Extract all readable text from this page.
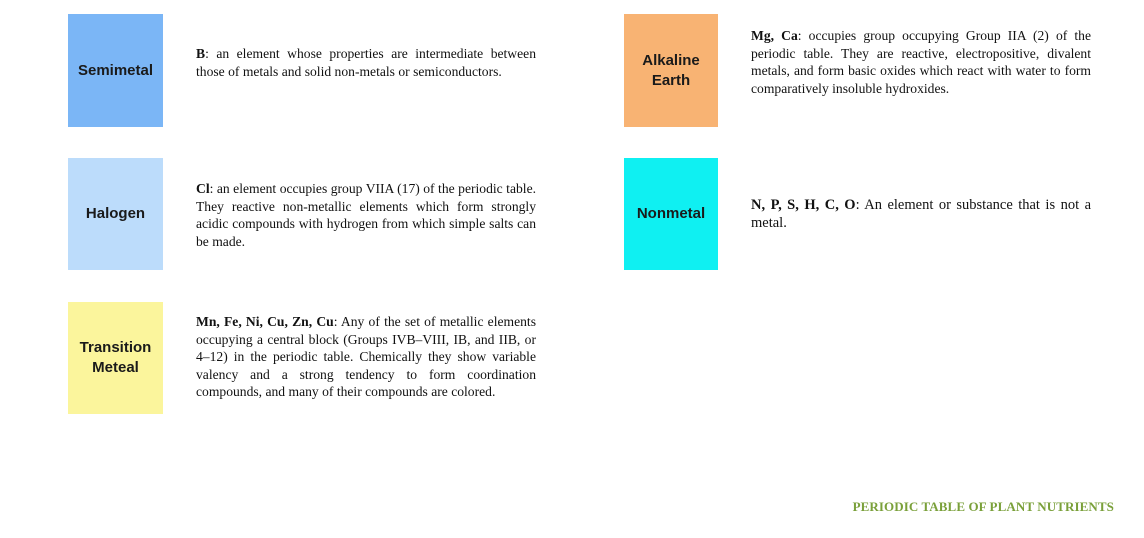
Semimetal
B: an element whose properties are intermediate between those of metals and solid non-metals or semiconductors.
Halogen
Cl: an element occupies group VIIA (17) of the periodic table. They reactive non-metallic elements which form strongly acidic compounds with hydrogen from which simple salts can be made.
Transition Meteal
Mn, Fe, Ni, Cu, Zn, Cu: Any of the set of metallic elements occupying a central block (Groups IVB–VIII, IB, and IIB, or 4–12) in the periodic table. Chemically they show variable valency and a strong tendency to form coordination compounds, and many of their compounds are colored.
Alkaline Earth
Mg, Ca: occupies group occupying Group IIA (2) of the periodic table. They are reactive, electropositive, divalent metals, and form basic oxides which react with water to form comparatively insoluble hydroxides.
Nonmetal	N, P, S, H, C, O: An element or substance that is not a metal.
PERIODIC TABLE OF PLANT NUTRIENTS
